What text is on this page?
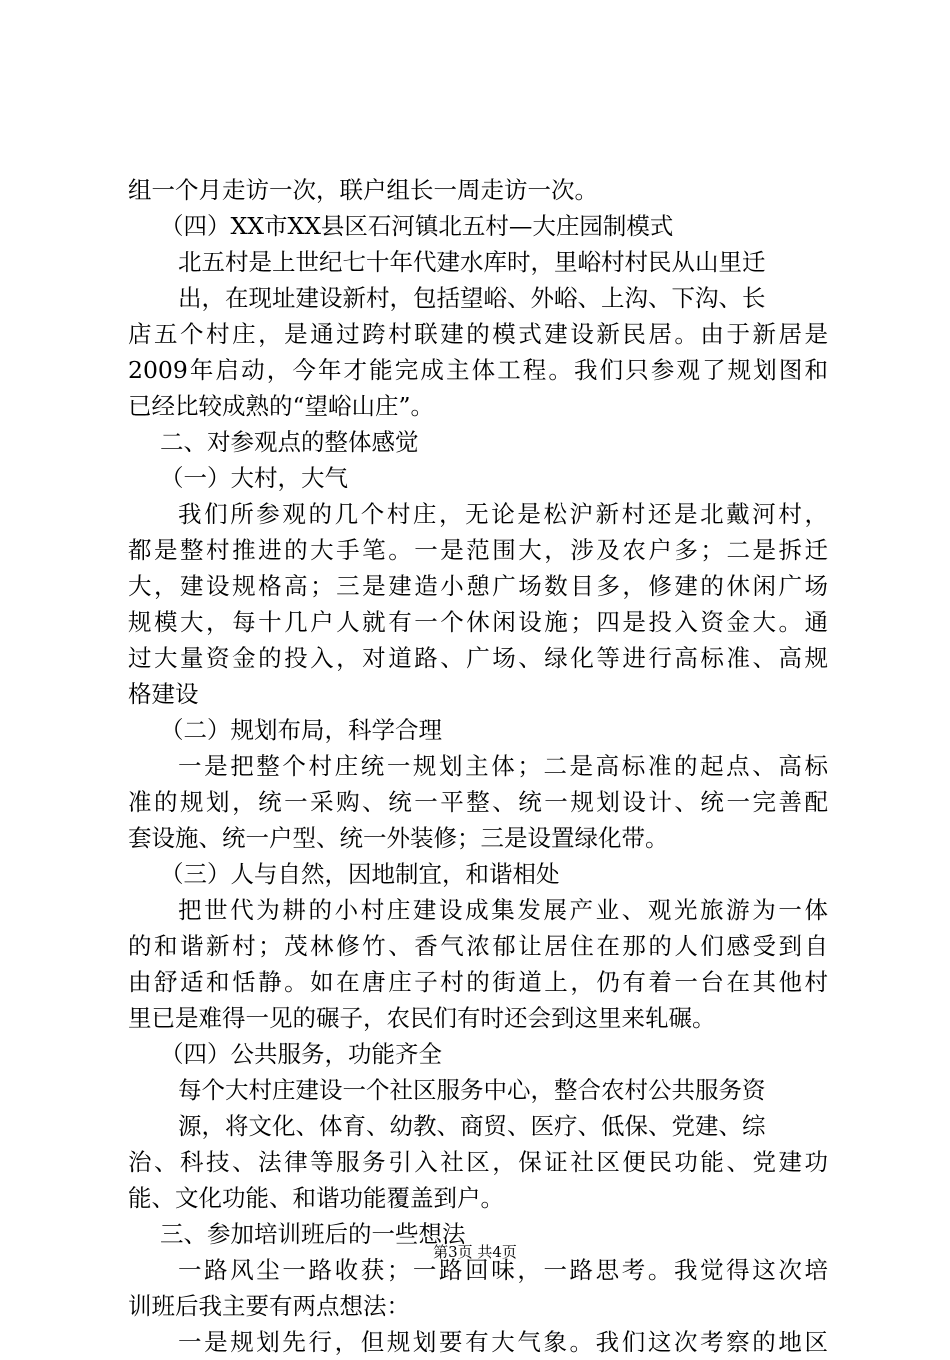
组一个月走访一次，联户组长一周走访一次。
（四）XX市XX县区石河镇北五村—大庄园制模式
北五村是上世纪七十年代建水库时，里峪村村民从山里迁
出，在现址建设新村，包括望峪、外峪、上沟、下沟、长
店五个村庄，是通过跨村联建的模式建设新民居。由于新居是
2009年启动，今年才能完成主体工程。我们只参观了规划图和
已经比较成熟的“望峪山庄”。
二、对参观点的整体感觉
（一）大村，大气
我们所参观的几个村庄，无论是松沪新村还是北戴河村，
都是整村推进的大手笔。一是范围大，涉及农户多；二是拆迁
大，建设规格高；三是建造小憩广场数目多，修建的休闲广场
规模大，每十几户人就有一个休闲设施；四是投入资金大。通
过大量资金的投入，对道路、广场、绿化等进行高标准、高规
格建设
（二）规划布局，科学合理
一是把整个村庄统一规划主体；二是高标准的起点、高标
准的规划，统一采购、统一平整、统一规划设计、统一完善配
套设施、统一户型、统一外装修；三是设置绿化带。
（三）人与自然，因地制宜，和谐相处
把世代为耕的小村庄建设成集发展产业、观光旅游为一体
的和谐新村；茂林修竹、香气浓郁让居住在那的人们感受到自
由舒适和恬静。如在唐庄子村的街道上，仍有着一台在其他村
里已是难得一见的碾子，农民们有时还会到这里来轧碾。
（四）公共服务，功能齐全
每个大村庄建设一个社区服务中心，整合农村公共服务资
源，将文化、体育、幼教、商贸、医疗、低保、党建、综
治、科技、法律等服务引入社区，保证社区便民功能、党建功
能、文化功能、和谐功能覆盖到户。
三、参加培训班后的一些想法
一路风尘一路收获；一路回味，一路思考。我觉得这次培
训班后我主要有两点想法：
一是规划先行，但规划要有大气象。我们这次考察的地区
第3页 共4页
